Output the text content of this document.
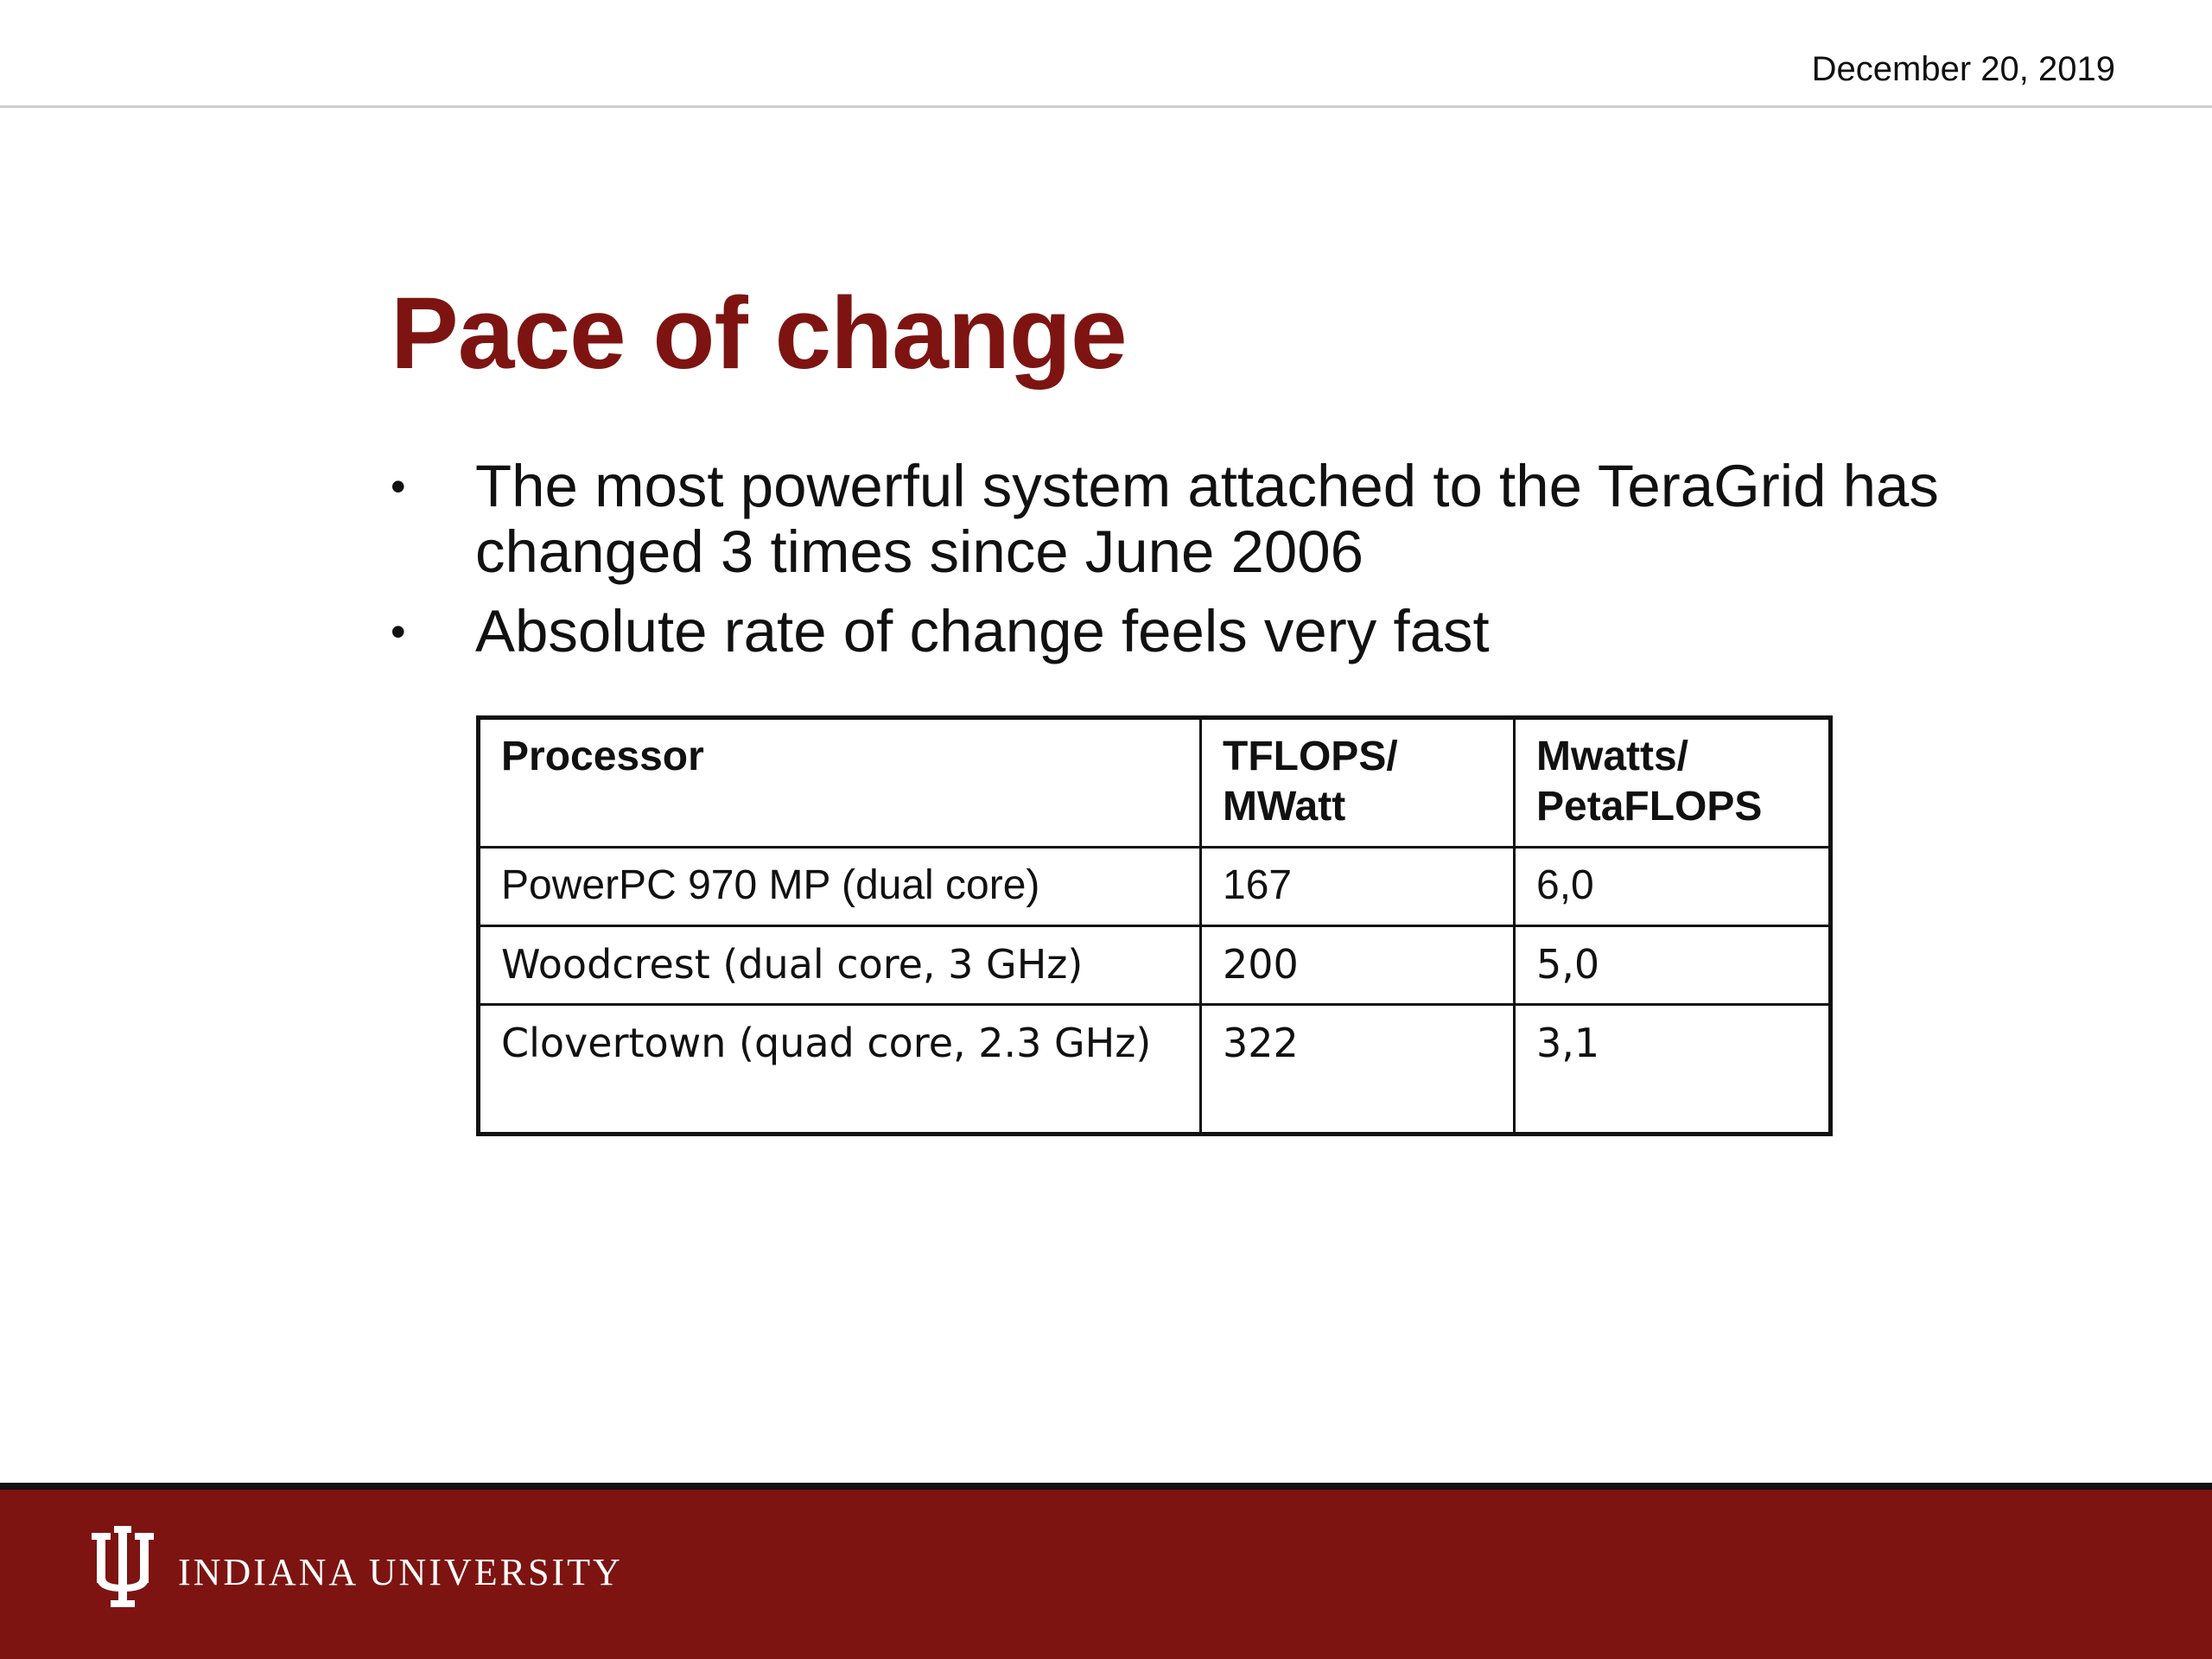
December 20, 2019
Pace of change
• The most powerful system attached to the TeraGrid has changed 3 times since June 2006
• Absolute rate of change feels very fast
Processor	TFLOPS/ MWatt	Mwatts/ PetaFLOPS
PowerPC 970 MP (dual core)	167	6,0
Woodcrest (dual core, 3 GHz)	200	5,0
Clovertown (quad core, 2.3 GHz)	322	3,1
INDIANA UNIVERSITY
